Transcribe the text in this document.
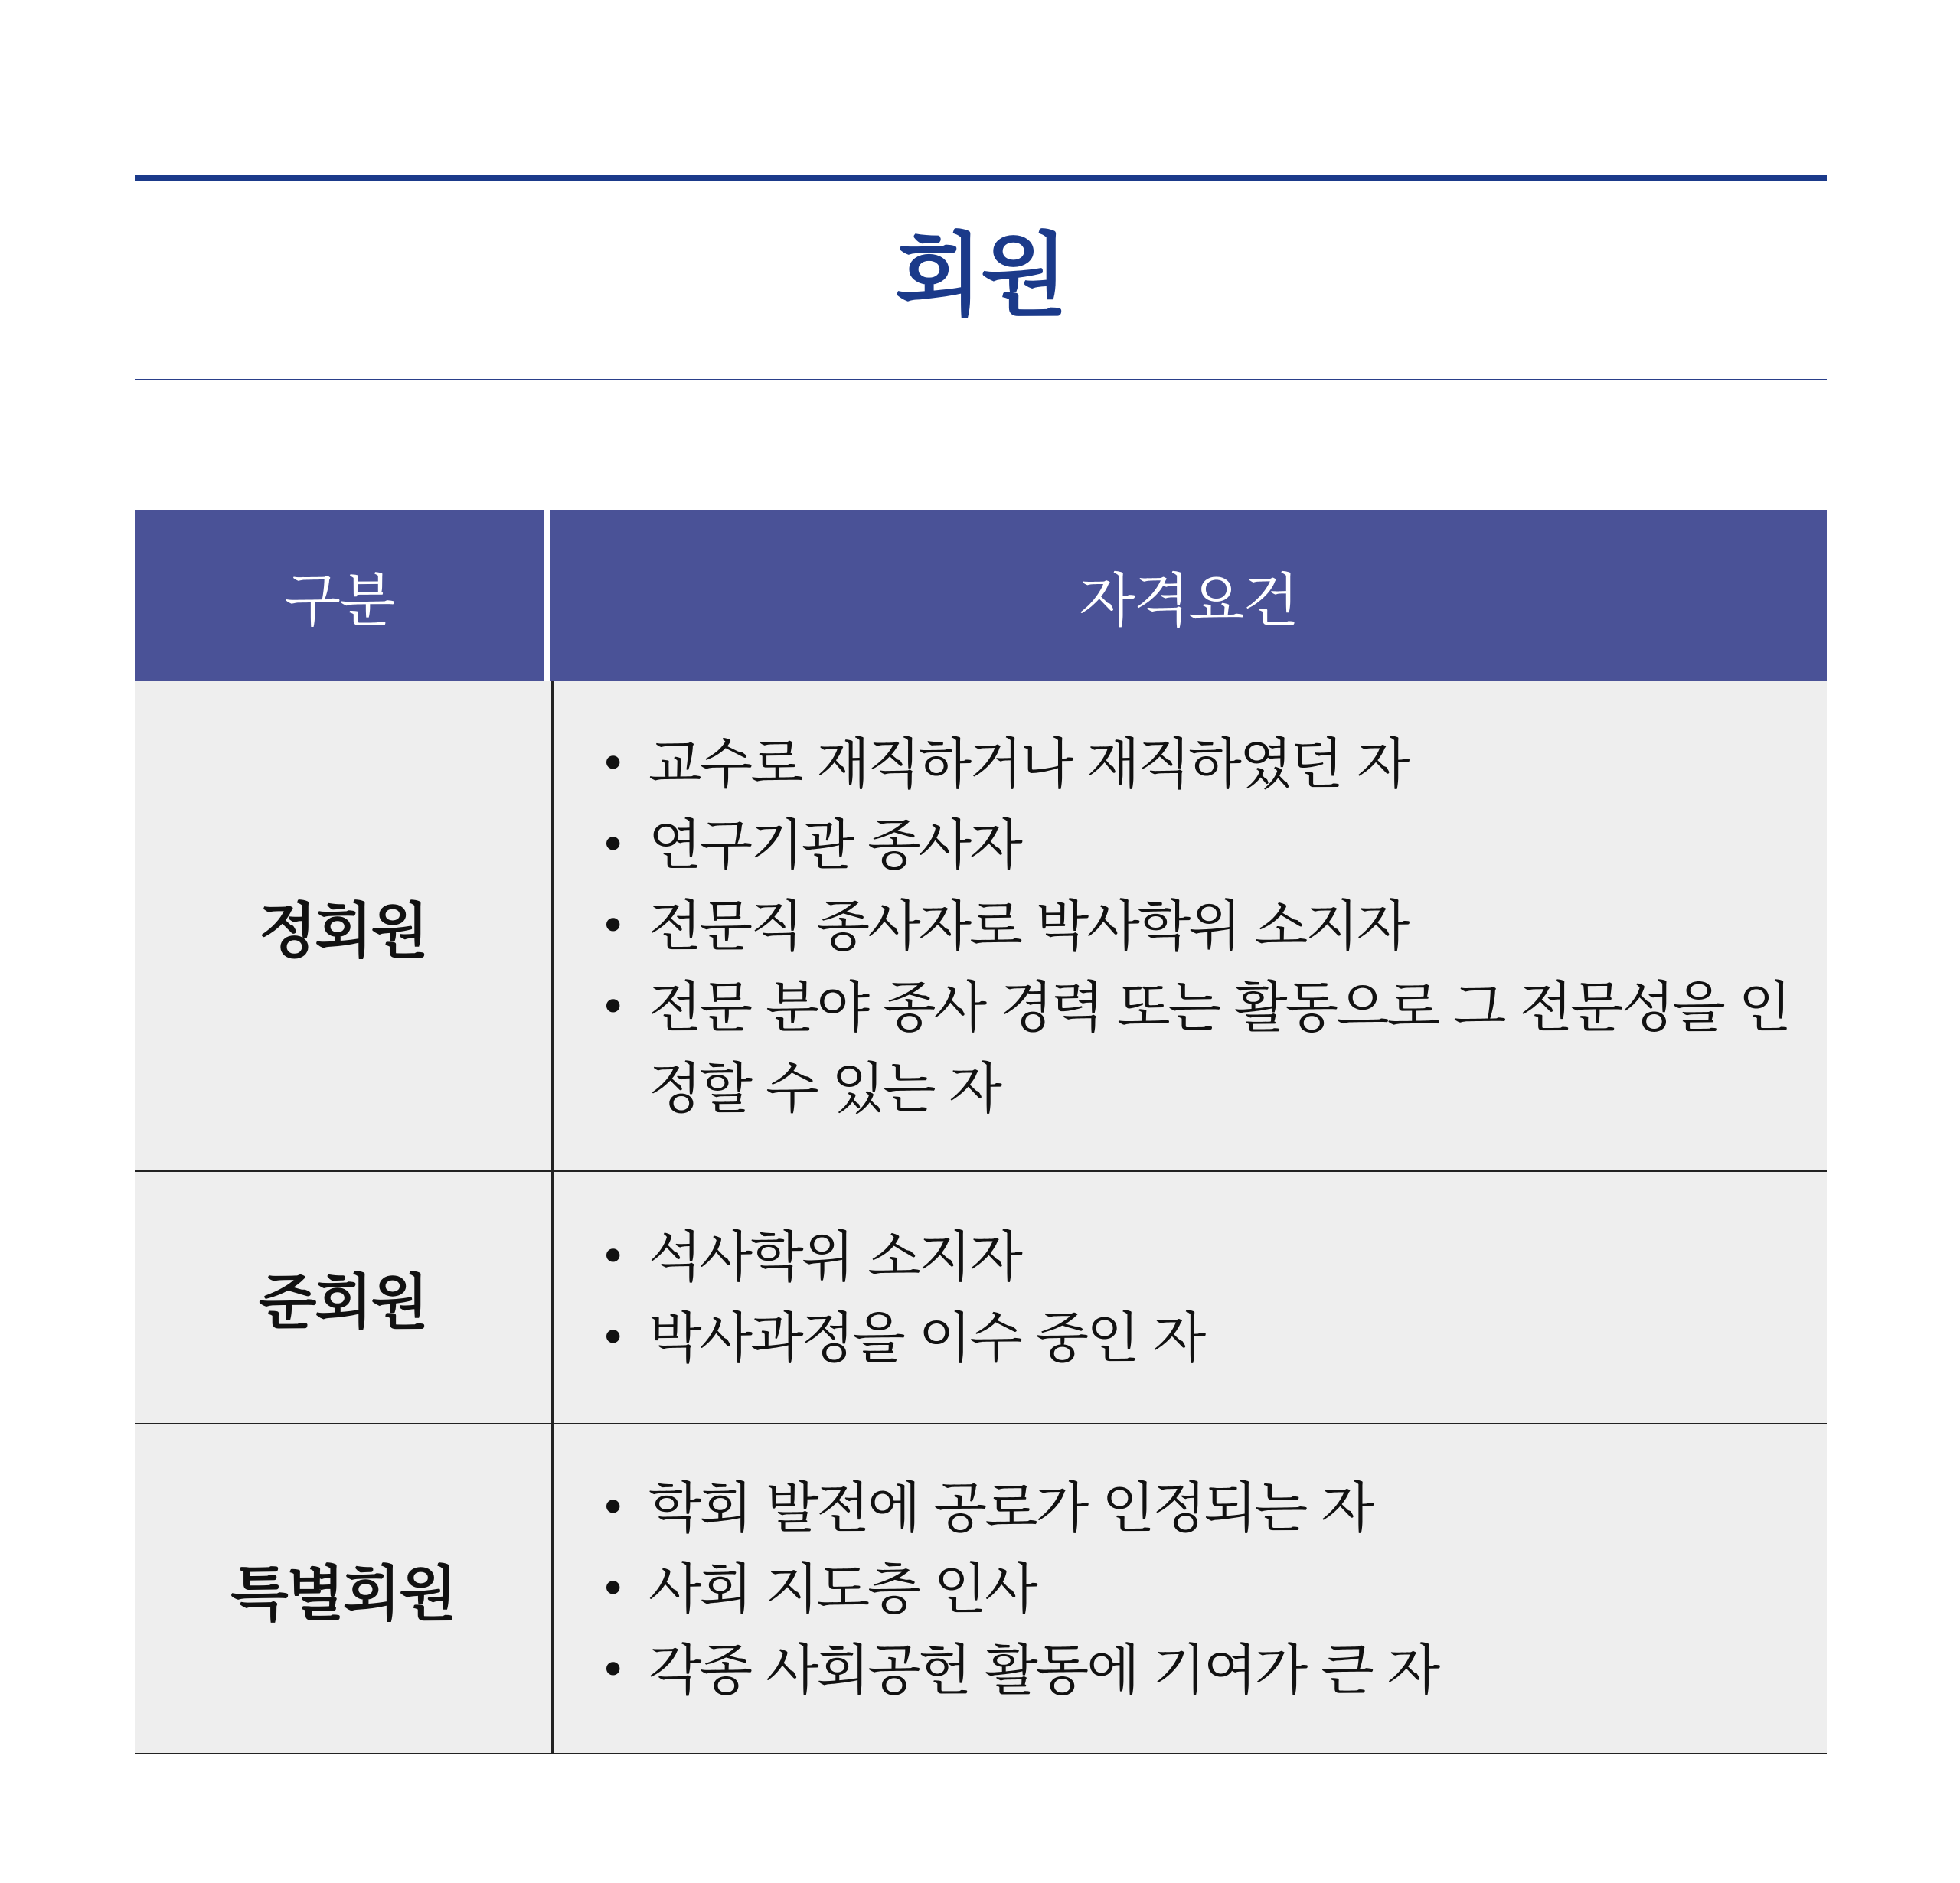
회원
구분	자격요건
정회원
• 교수로 재직하거나 재직하였던 자
• 연구기관 종사자
• 전문직 종사자로 박사학위 소지자
• 전문 분야 종사 경력 또는 활동으로 그 전문성을 인정할 수 있는 자
준회원
• 석사학위 소지자
• 박사과정을 이수 중인 자
특별회원
• 학회 발전에 공로가 인정되는 자
• 사회 지도층 인사
• 각종 사회공헌 활동에 기여가 큰 자
